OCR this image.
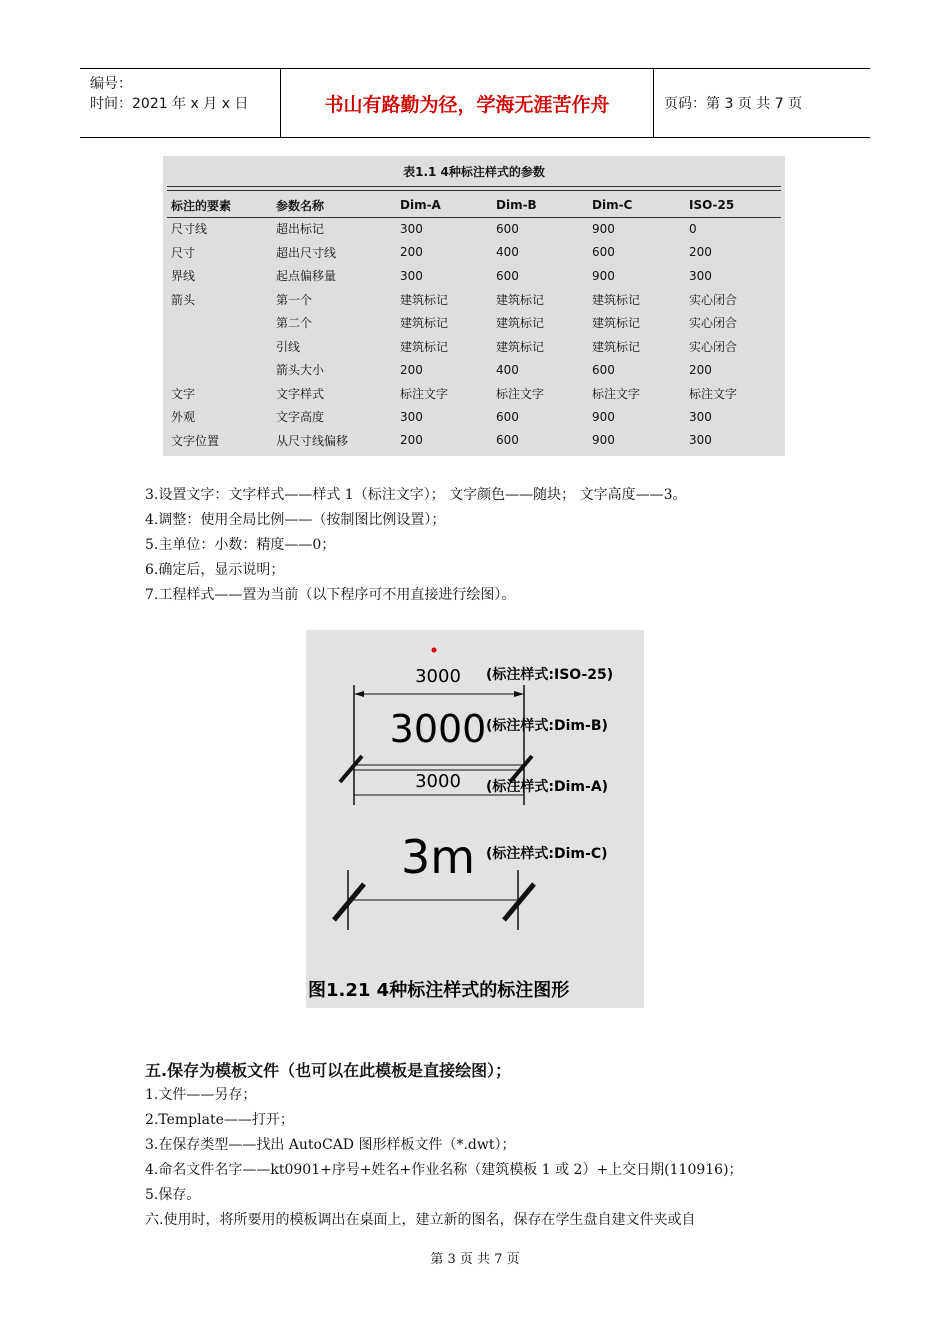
编号：
时间：2021 年 x 月 x 日	书山有路勤为径，学海无涯苦作舟	页码：第 3 页 共 7 页
表1.1 4种标注样式的参数
标注的要素	参数名称	Dim-A	Dim-B	Dim-C	ISO-25
尺寸线	超出标记	300	600	900	0
尺寸	超出尺寸线	200	400	600	200
界线	起点偏移量	300	600	900	300
箭头	第一个	建筑标记	建筑标记	建筑标记	实心闭合
	第二个	建筑标记	建筑标记	建筑标记	实心闭合
	引线	建筑标记	建筑标记	建筑标记	实心闭合
	箭头大小	200	400	600	200
文字	文字样式	标注文字	标注文字	标注文字	标注文字
外观	文字高度	300	600	900	300
文字位置	从尺寸线偏移	200	600	900	300
3.设置文字：文字样式——样式 1（标注文字）； 文字颜色——随块； 文字高度——3。
4.调整：使用全局比例——（按制图比例设置）；
5.主单位：小数：精度——0；
6.确定后，显示说明；
7.工程样式——置为当前（以下程序可不用直接进行绘图）。
3000 (标注样式:ISO-25)
3000 (标注样式:Dim-B)
3000 (标注样式:Dim-A)
3m (标注样式:Dim-C)
图1.21 4种标注样式的标注图形
五.保存为模板文件（也可以在此模板是直接绘图）；
1.文件——另存；
2.Template——打开；
3.在保存类型——找出 AutoCAD 图形样板文件（*.dwt）；
4.命名文件名字——kt0901+序号+姓名+作业名称（建筑模板 1 或 2）+上交日期(110916)；
5.保存。
六.使用时，将所要用的模板调出在桌面上，建立新的图名，保存在学生盘自建文件夹或自
第 3 页 共 7 页
